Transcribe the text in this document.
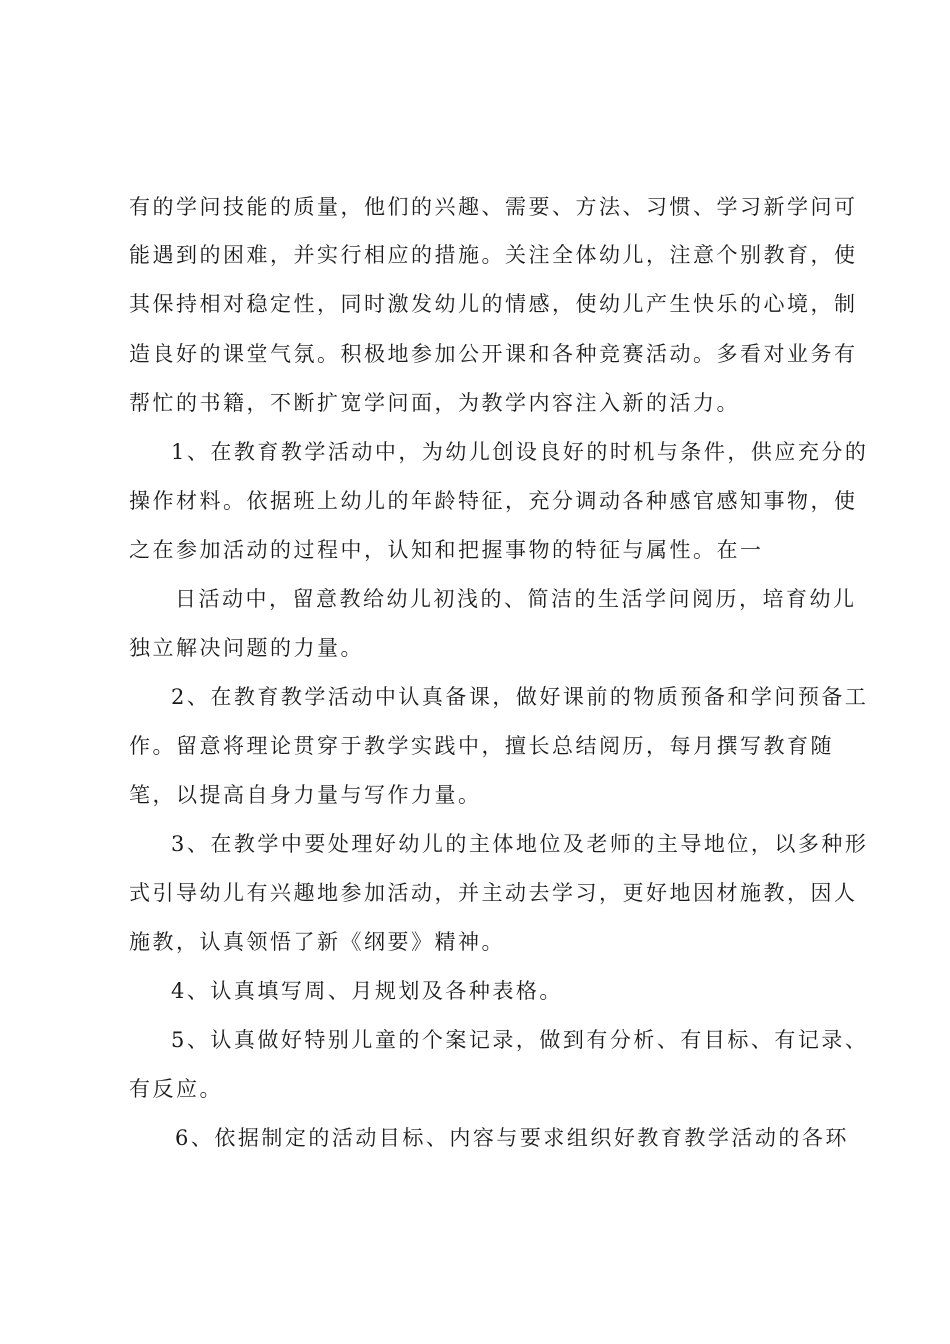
有的学问技能的质量，他们的兴趣、需要、方法、习惯、学习新学问可

能遇到的困难，并实行相应的措施。关注全体幼儿，注意个别教育，使

其保持相对稳定性，同时激发幼儿的情感，使幼儿产生快乐的心境，制

造良好的课堂气氛。积极地参加公开课和各种竞赛活动。多看对业务有

帮忙的书籍，不断扩宽学问面，为教学内容注入新的活力。

1、在教育教学活动中，为幼儿创设良好的时机与条件，供应充分的

操作材料。依据班上幼儿的年龄特征，充分调动各种感官感知事物，使

之在参加活动的过程中，认知和把握事物的特征与属性。在一

日活动中，留意教给幼儿初浅的、简洁的生活学问阅历，培育幼儿

独立解决问题的力量。

2、在教育教学活动中认真备课，做好课前的物质预备和学问预备工

作。留意将理论贯穿于教学实践中，擅长总结阅历，每月撰写教育随

笔，以提高自身力量与写作力量。

3、在教学中要处理好幼儿的主体地位及老师的主导地位，以多种形

式引导幼儿有兴趣地参加活动，并主动去学习，更好地因材施教，因人

施教，认真领悟了新《纲要》精神。

4、认真填写周、月规划及各种表格。

5、认真做好特别儿童的个案记录，做到有分析、有目标、有记录、

有反应。

6、依据制定的活动目标、内容与要求组织好教育教学活动的各环
